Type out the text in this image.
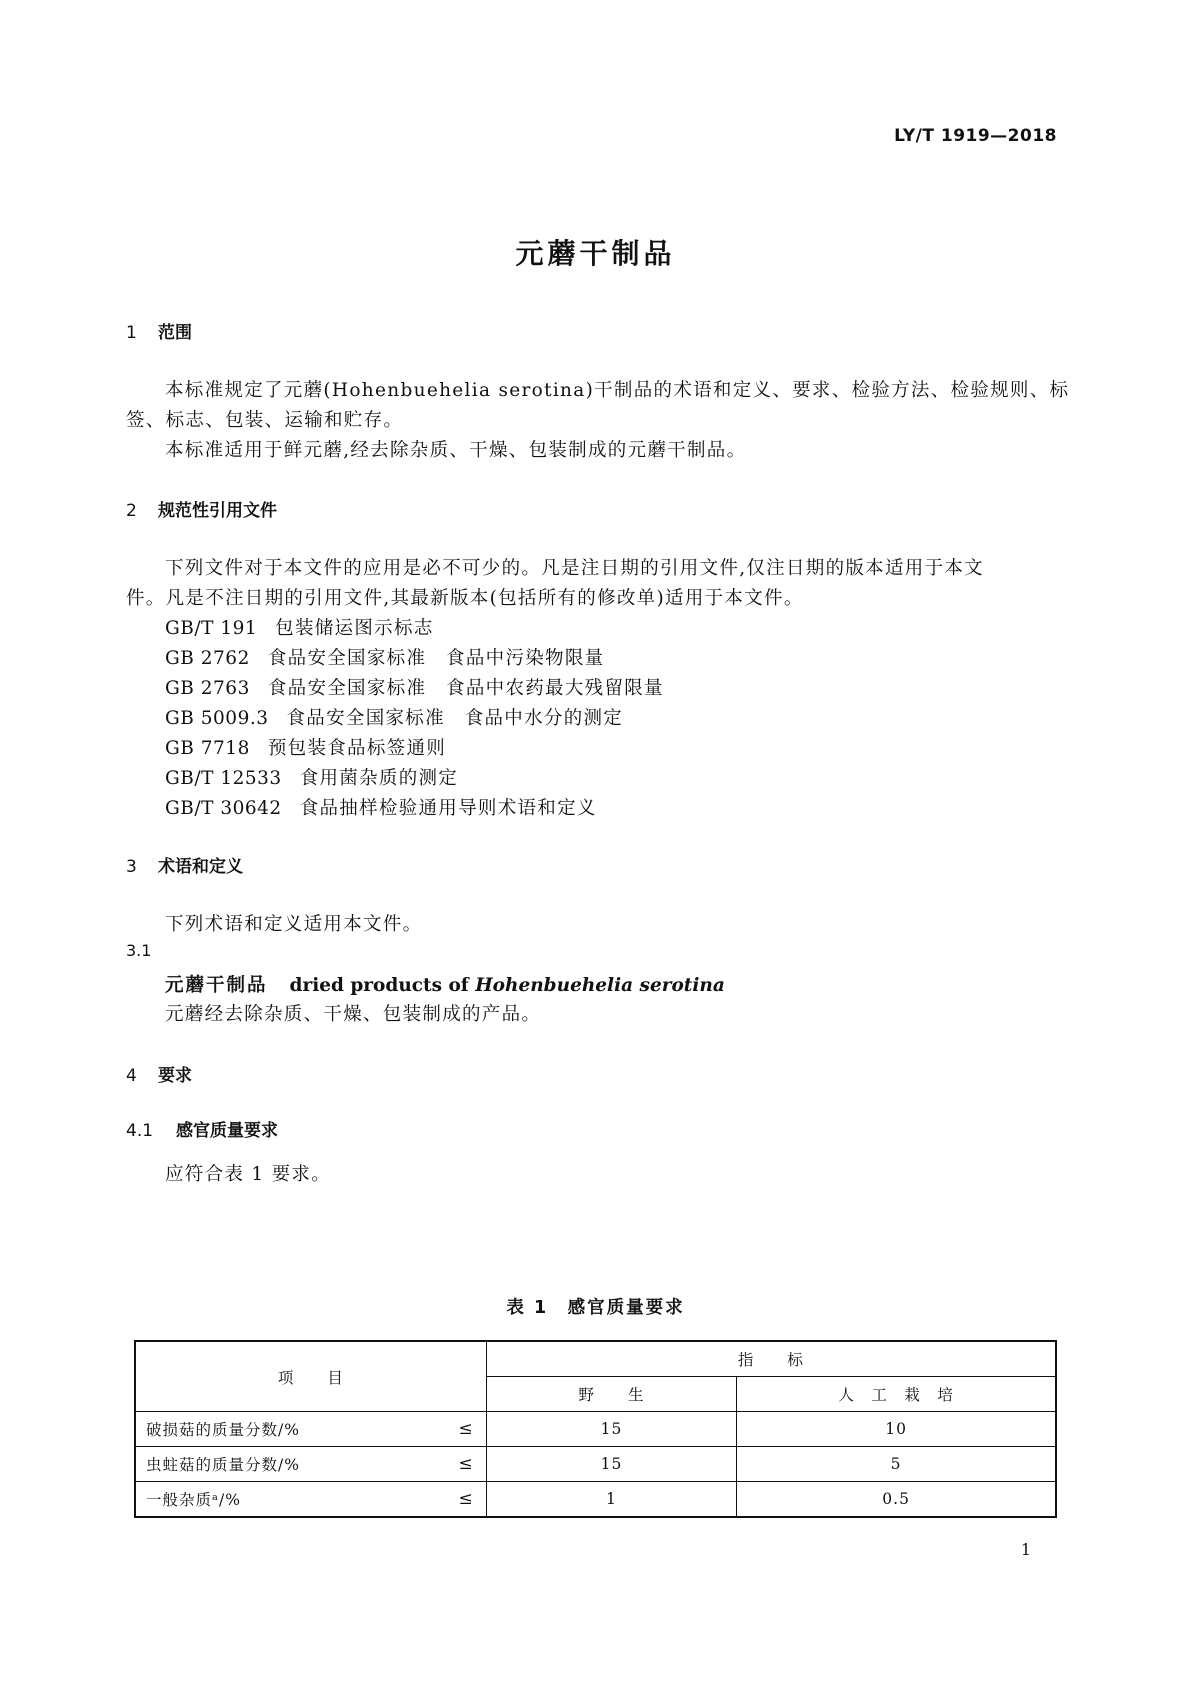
LY/T 1919—2018
元蘑干制品
1 范围
本标准规定了元蘑(Hohenbuehelia serotina)干制品的术语和定义、要求、检验方法、检验规则、标
签、标志、包装、运输和贮存。
本标准适用于鲜元蘑,经去除杂质、干燥、包装制成的元蘑干制品。
2 规范性引用文件
下列文件对于本文件的应用是必不可少的。凡是注日期的引用文件,仅注日期的版本适用于本文
件。凡是不注日期的引用文件,其最新版本(包括所有的修改单)适用于本文件。
GB/T 191 包装储运图示标志
GB 2762 食品安全国家标准　食品中污染物限量
GB 2763 食品安全国家标准　食品中农药最大残留限量
GB 5009.3 食品安全国家标准　食品中水分的测定
GB 7718 预包装食品标签通则
GB/T 12533 食用菌杂质的测定
GB/T 30642 食品抽样检验通用导则术语和定义
3 术语和定义
下列术语和定义适用本文件。
3.1
元蘑干制品 dried products of Hohenbuehelia serotina
元蘑经去除杂质、干燥、包装制成的产品。
4 要求
4.1 感官质量要求
应符合表 1 要求。
表 1　感官质量要求
项　　目	指　　标	
	野　　生	人　工　栽　培
破损菇的质量分数/% ≤	15	10
虫蛀菇的质量分数/% ≤	15	5
一般杂质ᵃ/% ≤	1	0.5
1
